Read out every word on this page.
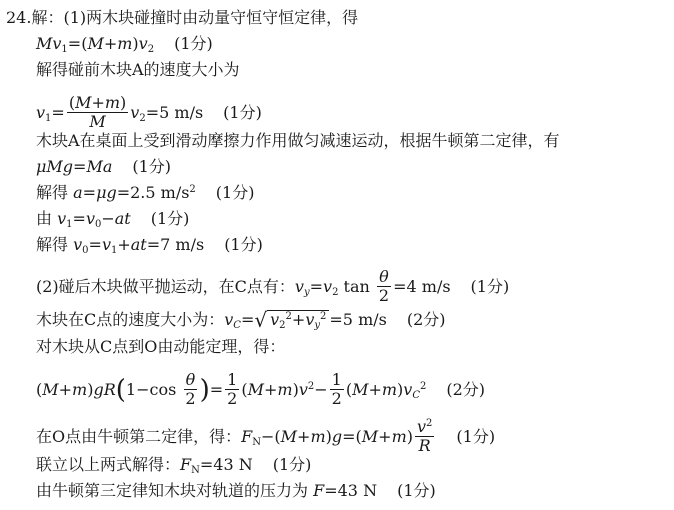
24. 解：(1)两木块碰撞时由动量守恒守恒定律，得
$Mv_1=(M+m)v_2$ (1分)
解得碰前木块A的速度大小为
$v_1= \frac{(M+m)}{M} v_2=5$ m/s (1分)
木块A在桌面上受到滑动摩擦力作用做匀减速运动，根据牛顿第二定律，有
μMg=Ma (1分)
解得 a=μg=2.5 $m/s^2$ (1分)
由 $v_1=v_0-at$ (1分)
解得 $v_0=v_1+at=7$ m/s (1分)
(2)碰后木块做平抛运动，在C点有： $v_y=v_2$ $\tan \frac{\theta}{2} =4$ m/s (1分)
木块在C点的速度大小为： $v_C=$ √ $v_2^2+v_y^2 =5$ m/s (2分)
对木块从C点到O由动能定理，得：
(M+m)gR ( $1-\cos \frac{\theta}{2}$ ) = $\frac{1}{2} (M+m)v^2- \frac{1}{2} (M+m)v_C^2$ (2分)
在O点由牛顿第二定律，得： $F_N-(M+m)g=(M+m) \frac{v^2}{R} (1$分)
联立以上两式解得： $F_N=43$ N (1分)
由牛顿第三定律知木块对轨道的压力为 F=43 N (1分)
